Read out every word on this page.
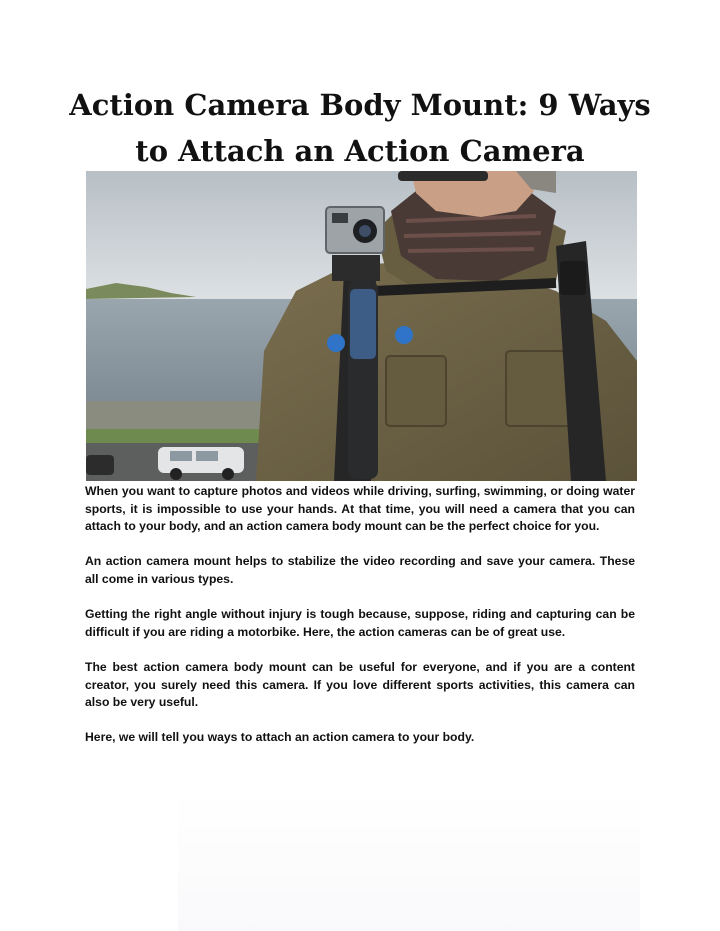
Action Camera Body Mount: 9 Ways to Attach an Action Camera

When you want to capture photos and videos while driving, surfing, swimming, or doing water sports, it is impossible to use your hands. At that time, you will need a camera that you can attach to your body, and an action camera body mount can be the perfect choice for you.

An action camera mount helps to stabilize the video recording and save your camera. These all come in various types.

Getting the right angle without injury is tough because, suppose, riding and capturing can be difficult if you are riding a motorbike. Here, the action cameras can be of great use.

The best action camera body mount can be useful for everyone, and if you are a content creator, you surely need this camera. If you love different sports activities, this camera can also be very useful.

Here, we will tell you ways to attach an action camera to your body.
